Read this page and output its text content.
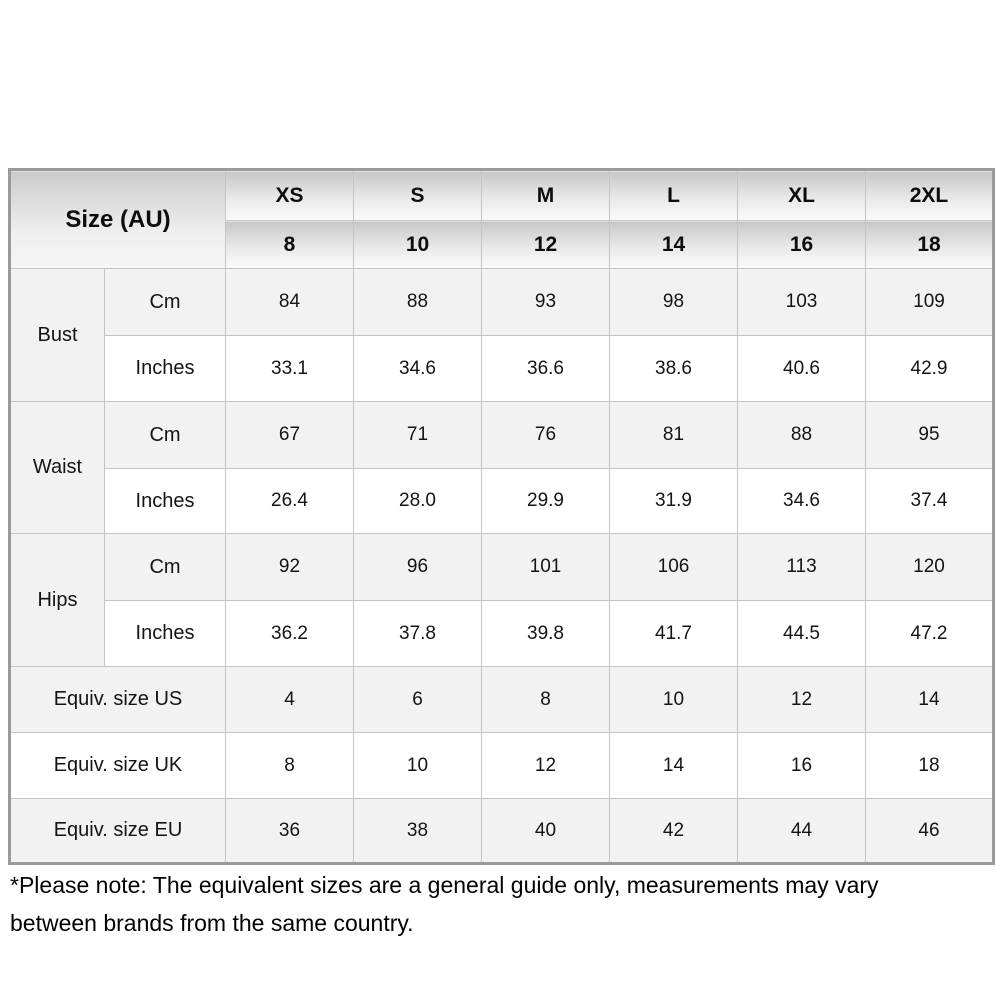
Size (AU)		XS	S	M	L	XL	2XL
		8	10	12	14	16	18
Bust	Cm	84	88	93	98	103	109
	Inches	33.1	34.6	36.6	38.6	40.6	42.9
Waist	Cm	67	71	76	81	88	95
	Inches	26.4	28.0	29.9	31.9	34.6	37.4
Hips	Cm	92	96	101	106	113	120
	Inches	36.2	37.8	39.8	41.7	44.5	47.2
Equiv. size US		4	6	8	10	12	14
Equiv. size UK		8	10	12	14	16	18
Equiv. size EU		36	38	40	42	44	46
*Please note: The equivalent sizes are a general guide only, measurements may vary
between brands from the same country.
